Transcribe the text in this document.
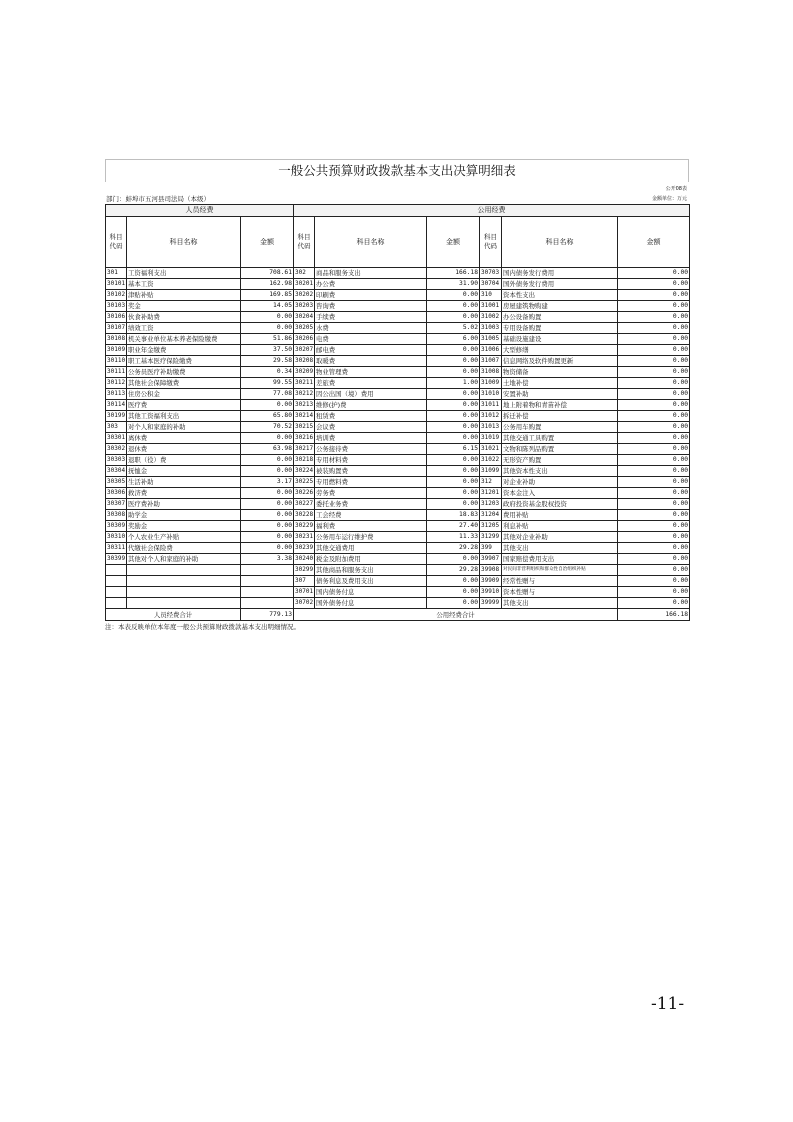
一般公共预算财政拨款基本支出决算明细表
公开08表
部门：蚌埠市五河县司法局（本级）	金额单位：万元
人员经费			公用经费					
科目代码	科目名称	金额	科目代码	科目名称	金额	科目代码	科目名称	金额
301	工资福利支出	708.61	302	商品和服务支出	166.18	30703	国内债务发行费用	0.00
30101	基本工资	162.98	30201	办公费	31.90	30704	国外债务发行费用	0.00
30102	津贴补贴	169.85	30202	印刷费	0.00	310	资本性支出	0.00
30103	奖金	14.05	30203	咨询费	0.00	31001	房屋建筑物购建	0.00
30106	伙食补助费	0.00	30204	手续费	0.00	31002	办公设备购置	0.00
30107	绩效工资	0.00	30205	水费	5.02	31003	专用设备购置	0.00
30108	机关事业单位基本养老保险缴费	51.86	30206	电费	6.00	31005	基础设施建设	0.00
30109	职业年金缴费	37.50	30207	邮电费	0.00	31006	大型修缮	0.00
30110	职工基本医疗保险缴费	29.58	30208	取暖费	0.00	31007	信息网络及软件购置更新	0.00
30111	公务员医疗补助缴费	0.34	30209	物业管理费	0.00	31008	物资储备	0.00
30112	其他社会保障缴费	99.55	30211	差旅费	1.00	31009	土地补偿	0.00
30113	住房公积金	77.08	30212	因公出国（境）费用	0.00	31010	安置补助	0.00
30114	医疗费	0.00	30213	维修(护)费	0.00	31011	地上附着物和青苗补偿	0.00
30199	其他工资福利支出	65.80	30214	租赁费	0.00	31012	拆迁补偿	0.00
303	对个人和家庭的补助	70.52	30215	会议费	0.00	31013	公务用车购置	0.00
30301	离休费	0.00	30216	培训费	0.00	31019	其他交通工具购置	0.00
30302	退休费	63.98	30217	公务接待费	6.15	31021	文物和陈列品购置	0.00
30303	退职（役）费	0.00	30218	专用材料费	0.00	31022	无形资产购置	0.00
30304	抚恤金	0.00	30224	被装购置费	0.00	31099	其他资本性支出	0.00
30305	生活补助	3.17	30225	专用燃料费	0.00	312	对企业补助	0.00
30306	救济费	0.00	30226	劳务费	0.00	31201	资本金注入	0.00
30307	医疗费补助	0.00	30227	委托业务费	0.00	31203	政府投资基金股权投资	0.00
30308	助学金	0.00	30228	工会经费	18.83	31204	费用补贴	0.00
30309	奖励金	0.00	30229	福利费	27.40	31205	利息补贴	0.00
30310	个人农业生产补贴	0.00	30231	公务用车运行维护费	11.33	31299	其他对企业补助	0.00
30311	代缴社会保险费	0.00	30239	其他交通费用	29.28	399	其他支出	0.00
30399	其他对个人和家庭的补助	3.38	30240	税金及附加费用	0.00	39907	国家赔偿费用支出	0.00
			30299	其他商品和服务支出	29.28	39908	对民间非营利组织和群众性自治组织补贴	0.00
			307	债务利息及费用支出	0.00	39909	经常性赠与	0.00
			30701	国内债务付息	0.00	39910	资本性赠与	0.00
			30702	国外债务付息	0.00	39999	其他支出	0.00
人员经费合计		779.13	公用经费合计					166.18
注：本表反映单位本年度一般公共预算财政拨款基本支出明细情况。
-11-
